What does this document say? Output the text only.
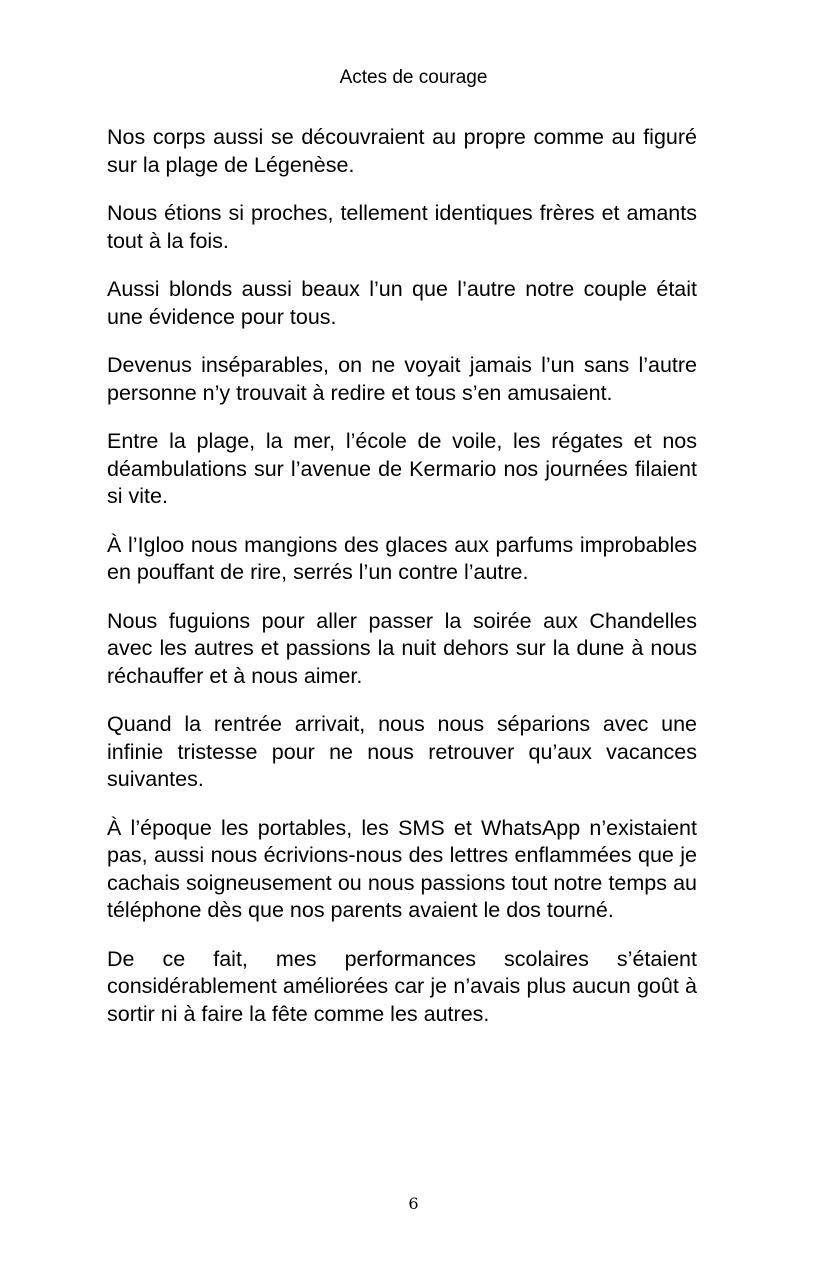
Actes de courage

Nos corps aussi se découvraient au propre comme au figuré sur la plage de Légenèse.

Nous étions si proches, tellement identiques frères et amants tout à la fois.

Aussi blonds aussi beaux l’un que l’autre notre couple était une évidence pour tous.

Devenus inséparables, on ne voyait jamais l’un sans l’autre personne n’y trouvait à redire et tous s’en amusaient.

Entre la plage, la mer, l’école de voile, les régates et nos déambulations sur l’avenue de Kermario nos journées filaient si vite.

À l’Igloo nous mangions des glaces aux parfums improbables en pouffant de rire, serrés l’un contre l’autre.

Nous fuguions pour aller passer la soirée aux Chandelles avec les autres et passions la nuit dehors sur la dune à nous réchauffer et à nous aimer.

Quand la rentrée arrivait, nous nous séparions avec une infinie tristesse pour ne nous retrouver qu’aux vacances suivantes.

À l’époque les portables, les SMS et WhatsApp n’existaient pas, aussi nous écrivions-nous des lettres enflammées que je cachais soigneusement ou nous passions tout notre temps au téléphone dès que nos parents avaient le dos tourné.

De ce fait, mes performances scolaires s’étaient considérablement améliorées car je n’avais plus aucun goût à sortir ni à faire la fête comme les autres.

6
